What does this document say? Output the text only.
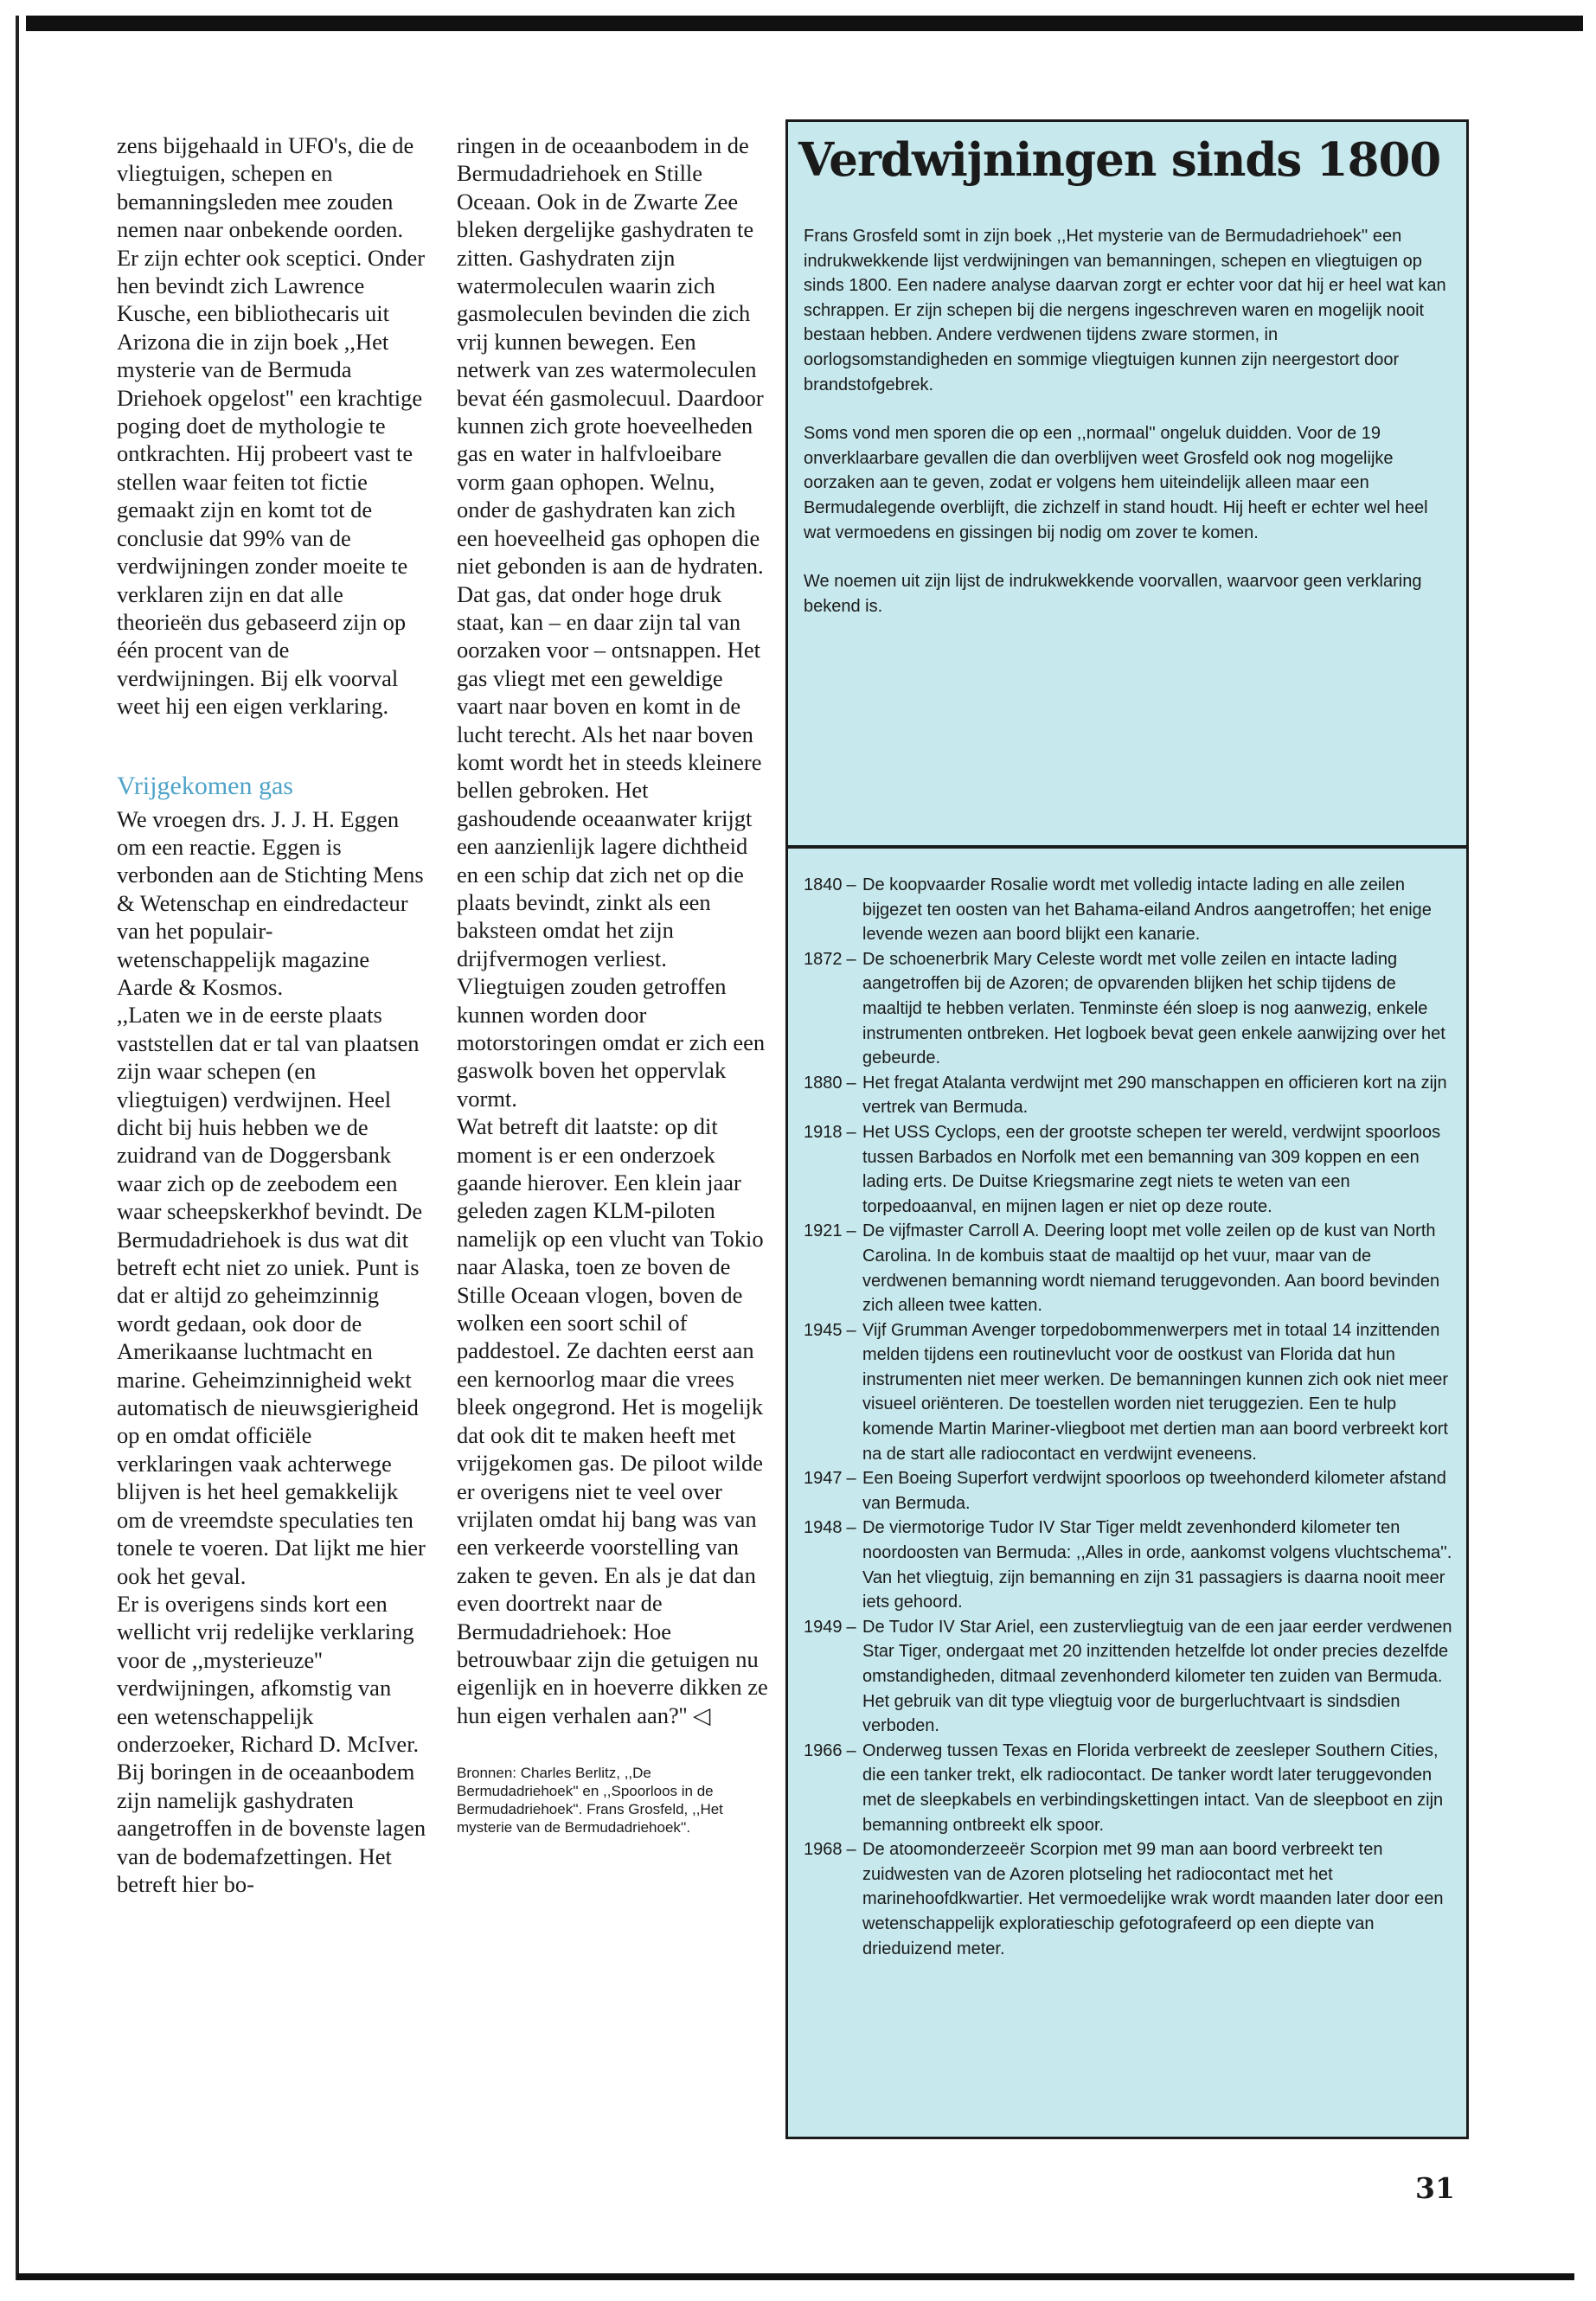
zens bijgehaald in UFO's, die de vliegtuigen, schepen en bemanningsleden mee zouden nemen naar onbekende oorden.

Er zijn echter ook sceptici. Onder hen bevindt zich Lawrence Kusche, een bibliothecaris uit Arizona die in zijn boek ,,Het mysterie van de Bermuda Driehoek opgelost'' een krachtige poging doet de mythologie te ontkrachten. Hij probeert vast te stellen waar feiten tot fictie gemaakt zijn en komt tot de conclusie dat 99% van de verdwijningen zonder moeite te verklaren zijn en dat alle theorieën dus gebaseerd zijn op één procent van de verdwijningen. Bij elk voorval weet hij een eigen verklaring.

Vrijgekomen gas

We vroegen drs. J. J. H. Eggen om een reactie. Eggen is verbonden aan de Stichting Mens & Wetenschap en eindredacteur van het populair-wetenschappelijk magazine Aarde & Kosmos.

,,Laten we in de eerste plaats vaststellen dat er tal van plaatsen zijn waar schepen (en vliegtuigen) verdwijnen. Heel dicht bij huis hebben we de zuidrand van de Doggersbank waar zich op de zeebodem een waar scheepskerkhof bevindt. De Bermudadriehoek is dus wat dit betreft echt niet zo uniek. Punt is dat er altijd zo geheimzinnig wordt gedaan, ook door de Amerikaanse luchtmacht en marine. Geheimzinnigheid wekt automatisch de nieuwsgierigheid op en omdat officiële verklaringen vaak achterwege blijven is het heel gemakkelijk om de vreemdste speculaties ten tonele te voeren. Dat lijkt me hier ook het geval.

Er is overigens sinds kort een wellicht vrij redelijke verklaring voor de ,,mysterieuze'' verdwijningen, afkomstig van een wetenschappelijk onderzoeker, Richard D. McIver. Bij boringen in de oceaanbodem zijn namelijk gashydraten aangetroffen in de bovenste lagen van de bodemafzettingen. Het betreft hier bo-

ringen in de oceaanbodem in de Bermudadriehoek en Stille Oceaan. Ook in de Zwarte Zee bleken dergelijke gashydraten te zitten. Gashydraten zijn watermoleculen waarin zich gasmoleculen bevinden die zich vrij kunnen bewegen. Een netwerk van zes watermoleculen bevat één gasmolecuul. Daardoor kunnen zich grote hoeveelheden gas en water in halfvloeibare vorm gaan ophopen. Welnu, onder de gashydraten kan zich een hoeveelheid gas ophopen die niet gebonden is aan de hydraten. Dat gas, dat onder hoge druk staat, kan – en daar zijn tal van oorzaken voor – ontsnappen. Het gas vliegt met een geweldige vaart naar boven en komt in de lucht terecht. Als het naar boven komt wordt het in steeds kleinere bellen gebroken. Het gashoudende oceaanwater krijgt een aanzienlijk lagere dichtheid en een schip dat zich net op die plaats bevindt, zinkt als een baksteen omdat het zijn drijfvermogen verliest. Vliegtuigen zouden getroffen kunnen worden door motorstoringen omdat er zich een gaswolk boven het oppervlak vormt.

Wat betreft dit laatste: op dit moment is er een onderzoek gaande hierover. Een klein jaar geleden zagen KLM-piloten namelijk op een vlucht van Tokio naar Alaska, toen ze boven de Stille Oceaan vlogen, boven de wolken een soort schil of paddestoel. Ze dachten eerst aan een kernoorlog maar die vrees bleek ongegrond. Het is mogelijk dat ook dit te maken heeft met vrijgekomen gas. De piloot wilde er overigens niet te veel over vrijlaten omdat hij bang was van een verkeerde voorstelling van zaken te geven. En als je dat dan even doortrekt naar de Bermudadriehoek: Hoe betrouwbaar zijn die getuigen nu eigenlijk en in hoeverre dikken ze hun eigen verhalen aan?'' ◁

Bronnen: Charles Berlitz, ,,De Bermudadriehoek'' en ,,Spoorloos in de Bermudadriehoek''. Frans Grosfeld, ,,Het mysterie van de Bermudadriehoek''.
Verdwijningen sinds 1800

Frans Grosfeld somt in zijn boek ,,Het mysterie van de Bermudadriehoek'' een indrukwekkende lijst verdwijningen van bemanningen, schepen en vliegtuigen op sinds 1800. Een nadere analyse daarvan zorgt er echter voor dat hij er heel wat kan schrappen. Er zijn schepen bij die nergens ingeschreven waren en mogelijk nooit bestaan hebben. Andere verdwenen tijdens zware stormen, in oorlogsomstandigheden en sommige vliegtuigen kunnen zijn neergestort door brandstofgebrek.

Soms vond men sporen die op een ,,normaal'' ongeluk duidden. Voor de 19 onverklaarbare gevallen die dan overblijven weet Grosfeld ook nog mogelijke oorzaken aan te geven, zodat er volgens hem uiteindelijk alleen maar een Bermudalegende overblijft, die zichzelf in stand houdt. Hij heeft er echter wel heel wat vermoedens en gissingen bij nodig om zover te komen.

We noemen uit zijn lijst de indrukwekkende voorvallen, waarvoor geen verklaring bekend is.

1840 – De koopvaarder Rosalie wordt met volledig intacte lading en alle zeilen bijgezet ten oosten van het Bahama-eiland Andros aangetroffen; het enige levende wezen aan boord blijkt een kanarie.
1872 – De schoenerbrik Mary Celeste wordt met volle zeilen en intacte lading aangetroffen bij de Azoren; de opvarenden blijken het schip tijdens de maaltijd te hebben verlaten. Tenminste één sloep is nog aanwezig, enkele instrumenten ontbreken. Het logboek bevat geen enkele aanwijzing over het gebeurde.
1880 – Het fregat Atalanta verdwijnt met 290 manschappen en officieren kort na zijn vertrek van Bermuda.
1918 – Het USS Cyclops, een der grootste schepen ter wereld, verdwijnt spoorloos tussen Barbados en Norfolk met een bemanning van 309 koppen en een lading erts. De Duitse Kriegsmarine zegt niets te weten van een torpedoaanval, en mijnen lagen er niet op deze route.
1921 – De vijfmaster Carroll A. Deering loopt met volle zeilen op de kust van North Carolina. In de kombuis staat de maaltijd op het vuur, maar van de verdwenen bemanning wordt niemand teruggevonden. Aan boord bevinden zich alleen twee katten.
1945 – Vijf Grumman Avenger torpedobommenwerpers met in totaal 14 inzittenden melden tijdens een routinevlucht voor de oostkust van Florida dat hun instrumenten niet meer werken. De bemanningen kunnen zich ook niet meer visueel oriënteren. De toestellen worden niet teruggezien. Een te hulp komende Martin Mariner-vliegboot met dertien man aan boord verbreekt kort na de start alle radiocontact en verdwijnt eveneens.
1947 – Een Boeing Superfort verdwijnt spoorloos op tweehonderd kilometer afstand van Bermuda.
1948 – De viermotorige Tudor IV Star Tiger meldt zevenhonderd kilometer ten noordoosten van Bermuda: ,,Alles in orde, aankomst volgens vluchtschema''. Van het vliegtuig, zijn bemanning en zijn 31 passagiers is daarna nooit meer iets gehoord.
1949 – De Tudor IV Star Ariel, een zustervliegtuig van de een jaar eerder verdwenen Star Tiger, ondergaat met 20 inzittenden hetzelfde lot onder precies dezelfde omstandigheden, ditmaal zevenhonderd kilometer ten zuiden van Bermuda. Het gebruik van dit type vliegtuig voor de burgerluchtvaart is sindsdien verboden.
1966 – Onderweg tussen Texas en Florida verbreekt de zeesleper Southern Cities, die een tanker trekt, elk radiocontact. De tanker wordt later teruggevonden met de sleepkabels en verbindingskettingen intact. Van de sleepboot en zijn bemanning ontbreekt elk spoor.
1968 – De atoomonderzeeër Scorpion met 99 man aan boord verbreekt ten zuidwesten van de Azoren plotseling het radiocontact met het marinehoofdkwartier. Het vermoedelijke wrak wordt maanden later door een wetenschappelijk exploratieschip gefotografeerd op een diepte van drieduizend meter.
31
